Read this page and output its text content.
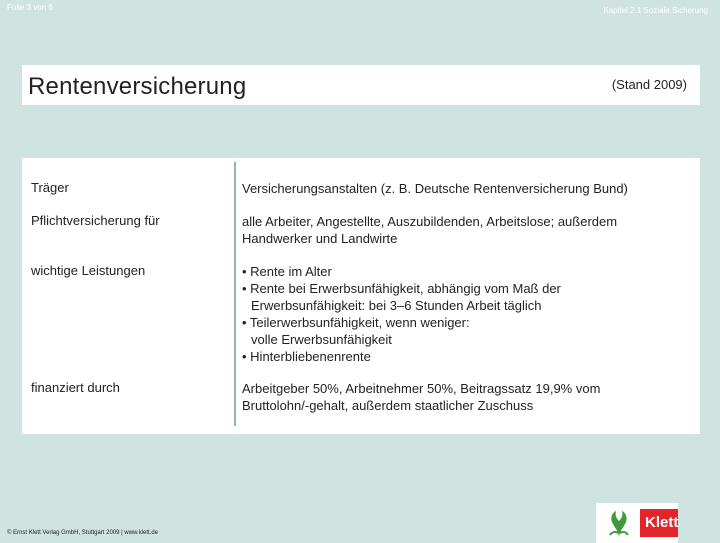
Folie 3 von 6	Kapitel 2.1 Soziale Sicherung
Rentenversicherung	(Stand 2009)
Träger	Versicherungsanstalten (z. B. Deutsche Rentenversicherung Bund)
Pflichtversicherung für	alle Arbeiter, Angestellte, Auszubildenden, Arbeitslose; außerdem
Handwerker und Landwirte
wichtige Leistungen	• Rente im Alter
• Rente bei Erwerbsunfähigkeit, abhängig vom Maß der
Erwerbsunfähigkeit: bei 3–6 Stunden Arbeit täglich
• Teilerwerbsunfähigkeit, wenn weniger:
volle Erwerbsunfähigkeit
• Hinterbliebenenrente
finanziert durch	Arbeitgeber 50%, Arbeitnehmer 50%, Beitragssatz 19,9% vom
Bruttolohn/-gehalt, außerdem staatlicher Zuschuss
© Ernst Klett Verlag GmbH, Stuttgart 2009 | www.klett.de
Klett
